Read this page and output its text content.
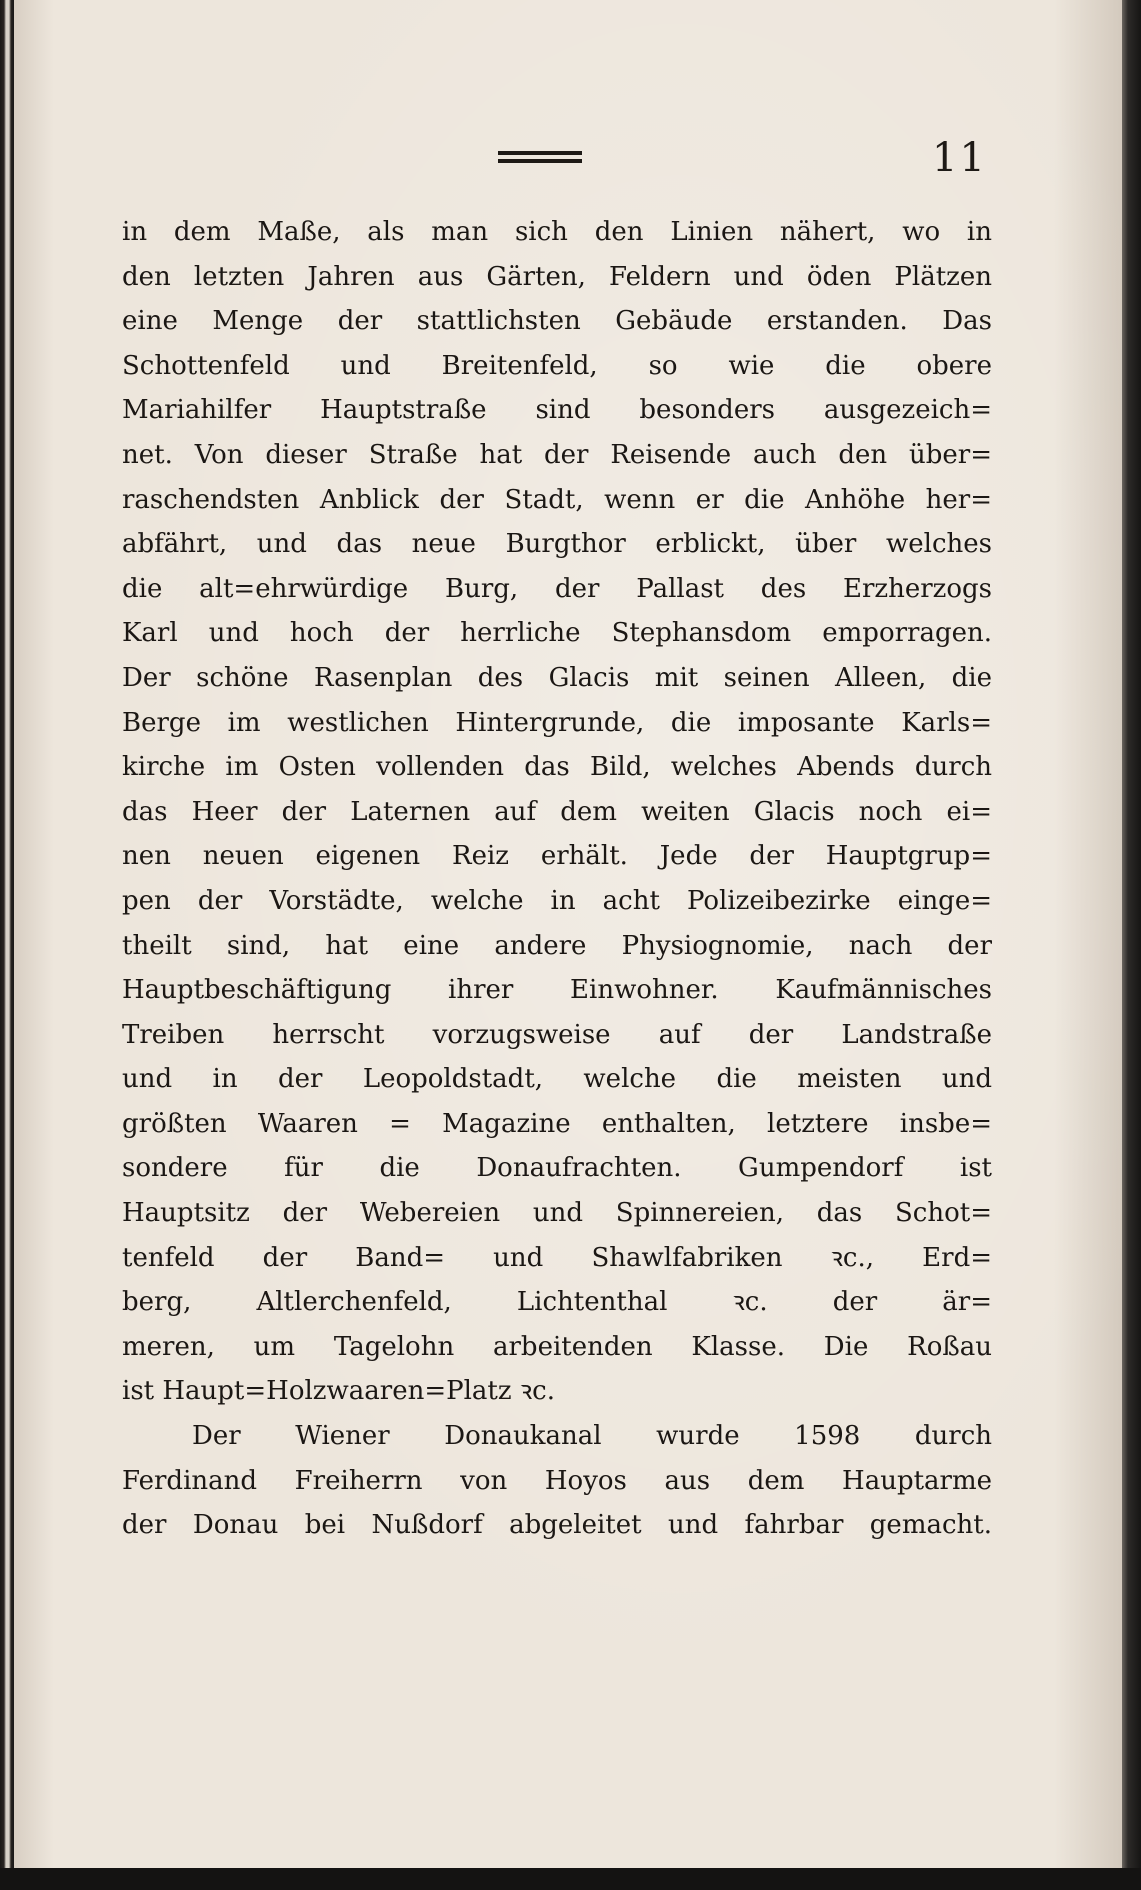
11
in dem Maße, als man sich den Linien nähert, wo in
den letzten Jahren aus Gärten, Feldern und öden Plätzen
eine Menge der stattlichsten Gebäude erstanden. Das
Schottenfeld und Breitenfeld, so wie die obere
Mariahilfer Hauptstraße sind besonders ausgezeich=
net. Von dieser Straße hat der Reisende auch den über=
raschendsten Anblick der Stadt, wenn er die Anhöhe her=
abfährt, und das neue Burgthor erblickt, über welches
die alt=ehrwürdige Burg, der Pallast des Erzherzogs
Karl und hoch der herrliche Stephansdom emporragen.
Der schöne Rasenplan des Glacis mit seinen Alleen, die
Berge im westlichen Hintergrunde, die imposante Karls=
kirche im Osten vollenden das Bild, welches Abends durch
das Heer der Laternen auf dem weiten Glacis noch ei=
nen neuen eigenen Reiz erhält. Jede der Hauptgrup=
pen der Vorstädte, welche in acht Polizeibezirke einge=
theilt sind, hat eine andere Physiognomie, nach der
Hauptbeschäftigung ihrer Einwohner. Kaufmännisches
Treiben herrscht vorzugsweise auf der Landstraße
und in der Leopoldstadt, welche die meisten und
größten Waaren = Magazine enthalten, letztere insbe=
sondere für die Donaufrachten. Gumpendorf ist
Hauptsitz der Webereien und Spinnereien, das Schot=
tenfeld der Band= und Shawlfabriken ꝛc., Erd=
berg, Altlerchenfeld, Lichtenthal ꝛc. der är=
meren, um Tagelohn arbeitenden Klasse. Die Roßau
ist Haupt=Holzwaaren=Platz ꝛc.
Der Wiener Donaukanal wurde 1598 durch
Ferdinand Freiherrn von Hoyos aus dem Hauptarme
der Donau bei Nußdorf abgeleitet und fahrbar gemacht.
